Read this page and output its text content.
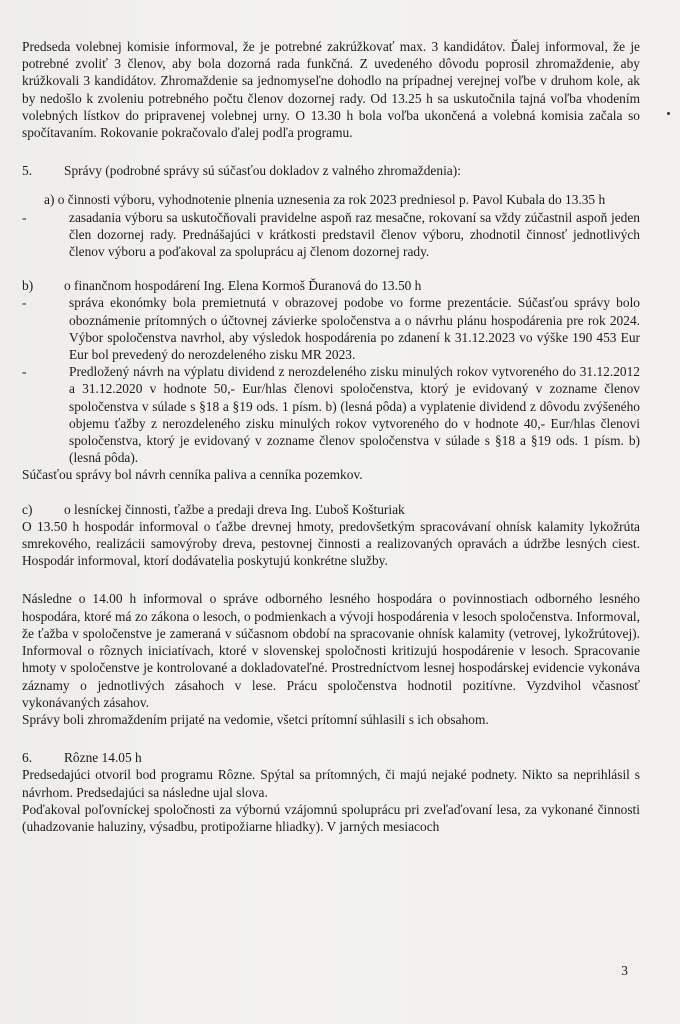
Predseda volebnej komisie informoval, že je potrebné zakrúžkovať max. 3 kandidátov. Ďalej informoval, že je potrebné zvoliť 3 členov, aby bola dozorná rada funkčná. Z uvedeného dôvodu poprosil zhromaždenie, aby krúžkovali 3 kandidátov. Zhromaždenie sa jednomyseľne dohodlo na prípadnej verejnej voľbe v druhom kole, ak by nedošlo k zvoleniu potrebného počtu členov dozornej rady. Od 13.25 h sa uskutočnila tajná voľba vhodením volebných lístkov do pripravenej volebnej urny. O 13.30 h bola voľba ukončená a volebná komisia začala so spočítavaním. Rokovanie pokračovalo ďalej podľa programu.

5.	Správy (podrobné správy sú súčasťou dokladov z valného zhromaždenia):

a) o činnosti výboru, vyhodnotenie plnenia uznesenia za rok 2023 predniesol p. Pavol Kubala do 13.35 h

-	zasadania výboru sa uskutočňovali pravidelne aspoň raz mesačne, rokovaní sa vždy zúčastnil aspoň jeden člen dozornej rady. Prednášajúci v krátkosti predstavil členov výboru, zhodnotil činnosť jednotlivých členov výboru a poďakoval za spoluprácu aj členom dozornej rady.

b)	o finančnom hospodárení Ing. Elena Kormoš Ďuranová do 13.50 h
-	správa ekonómky bola premietnutá v obrazovej podobe vo forme prezentácie. Súčasťou správy bolo oboznámenie prítomných o účtovnej závierke spoločenstva a o návrhu plánu hospodárenia pre rok 2024. Výbor spoločenstva navrhol, aby výsledok hospodárenia po zdanení k 31.12.2023 vo výške 190 453 Eur Eur bol prevedený do nerozdeleného zisku MR 2023.

-	Predložený návrh na výplatu dividend z nerozdeleného zisku minulých rokov vytvoreného do 31.12.2012 a 31.12.2020 v hodnote 50,- Eur/hlas členovi spoločenstva, ktorý je evidovaný v zozname členov spoločenstva v súlade s §18 a §19 ods. 1 písm. b) (lesná pôda) a vyplatenie dividend z dôvodu zvýšeného objemu ťažby z nerozdeleného zisku minulých rokov vytvoreného do v hodnote 40,- Eur/hlas členovi spoločenstva, ktorý je evidovaný v zozname členov spoločenstva v súlade s §18 a §19 ods. 1 písm. b) (lesná pôda).

Súčasťou správy bol návrh cenníka paliva a cenníka pozemkov.

c)	o lesníckej činnosti, ťažbe a predaji dreva Ing. Ľuboš Košturiak

O 13.50 h hospodár informoval o ťažbe drevnej hmoty, predovšetkým spracovávaní ohnísk kalamity lykožrúta smrekového, realizácii samovýroby dreva, pestovnej činnosti a realizovaných opravách a údržbe lesných ciest. Hospodár informoval, ktorí dodávatelia poskytujú konkrétne služby.

Následne o 14.00 h informoval o správe odborného lesného hospodára o povinnostiach odborného lesného hospodára, ktoré má zo zákona o lesoch, o podmienkach a vývoji hospodárenia v lesoch spoločenstva. Informoval, že ťažba v spoločenstve je zameraná v súčasnom období na spracovanie ohnísk kalamity (vetrovej, lykožrútovej). Informoval o rôznych iniciatívach, ktoré v slovenskej spoločnosti kritizujú hospodárenie v lesoch. Spracovanie hmoty v spoločenstve je kontrolované a dokladovateľné. Prostredníctvom lesnej hospodárskej evidencie vykonáva záznamy o jednotlivých zásahoch v lese. Prácu spoločenstva hodnotil pozitívne. Vyzdvihol včasnosť vykonávaných zásahov.

Správy boli zhromaždením prijaté na vedomie, všetci prítomní súhlasili s ich obsahom.

6.	Rôzne 14.05 h

Predsedajúci otvoril bod programu Rôzne. Spýtal sa prítomných, či majú nejaké podnety. Nikto sa neprihlásil s návrhom. Predsedajúci sa následne ujal slova.

Poďakoval poľovníckej spoločnosti za výbornú vzájomnú spoluprácu pri zveľaďovaní lesa, za vykonané činnosti (uhadzovanie haluziny, výsadbu, protipožiarne hliadky). V jarných mesiacoch

3
